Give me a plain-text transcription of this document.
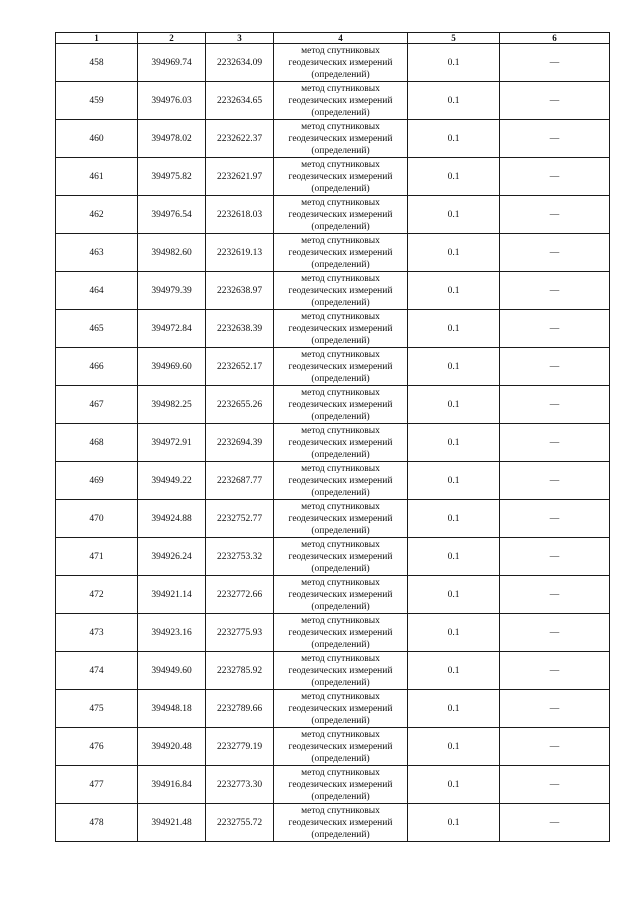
1	2	3	4	5	6
458	394969.74	2232634.09	метод спутниковых
геодезических измерений
(определений)	0.1	—
459	394976.03	2232634.65	метод спутниковых
геодезических измерений
(определений)	0.1	—
460	394978.02	2232622.37	метод спутниковых
геодезических измерений
(определений)	0.1	—
461	394975.82	2232621.97	метод спутниковых
геодезических измерений
(определений)	0.1	—
462	394976.54	2232618.03	метод спутниковых
геодезических измерений
(определений)	0.1	—
463	394982.60	2232619.13	метод спутниковых
геодезических измерений
(определений)	0.1	—
464	394979.39	2232638.97	метод спутниковых
геодезических измерений
(определений)	0.1	—
465	394972.84	2232638.39	метод спутниковых
геодезических измерений
(определений)	0.1	—
466	394969.60	2232652.17	метод спутниковых
геодезических измерений
(определений)	0.1	—
467	394982.25	2232655.26	метод спутниковых
геодезических измерений
(определений)	0.1	—
468	394972.91	2232694.39	метод спутниковых
геодезических измерений
(определений)	0.1	—
469	394949.22	2232687.77	метод спутниковых
геодезических измерений
(определений)	0.1	—
470	394924.88	2232752.77	метод спутниковых
геодезических измерений
(определений)	0.1	—
471	394926.24	2232753.32	метод спутниковых
геодезических измерений
(определений)	0.1	—
472	394921.14	2232772.66	метод спутниковых
геодезических измерений
(определений)	0.1	—
473	394923.16	2232775.93	метод спутниковых
геодезических измерений
(определений)	0.1	—
474	394949.60	2232785.92	метод спутниковых
геодезических измерений
(определений)	0.1	—
475	394948.18	2232789.66	метод спутниковых
геодезических измерений
(определений)	0.1	—
476	394920.48	2232779.19	метод спутниковых
геодезических измерений
(определений)	0.1	—
477	394916.84	2232773.30	метод спутниковых
геодезических измерений
(определений)	0.1	—
478	394921.48	2232755.72	метод спутниковых
геодезических измерений
(определений)	0.1	—
